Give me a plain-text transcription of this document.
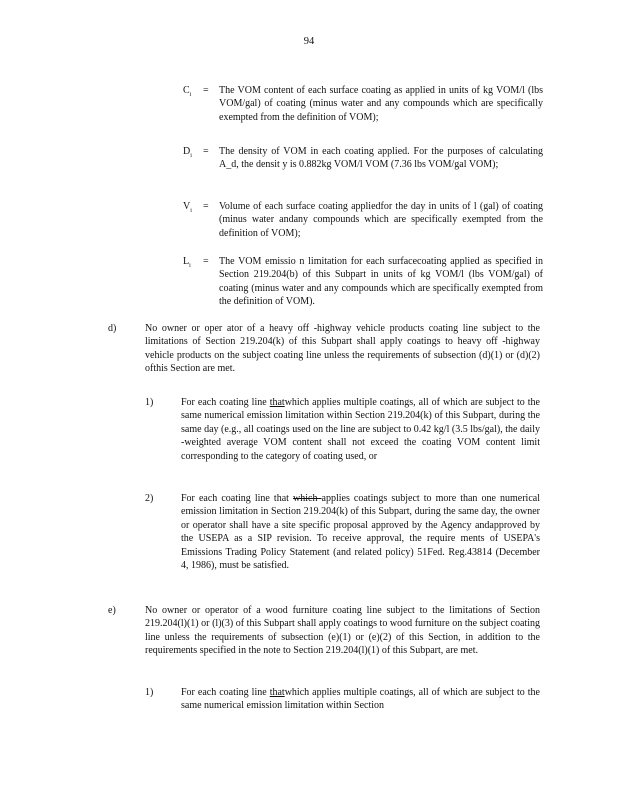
94
$C_i$	= The VOM content of each surface coating as applied in units of kg VOM/l (lbs VOM/gal) of coating (minus water and any compounds which are specifically exempted from the definition of VOM);
$D_i$	= The density of VOM in each coating applied. For the purposes of calculating A_d, the densit y is 0.882kg VOM/l VOM (7.36 lbs VOM/gal VOM);
$V_i$	= Volume of each surface coating appliedfor the day in units of l (gal) of coating (minus water andany compounds which are specifically exempted from the definition of VOM);
$L_i$	= The VOM emissio n limitation for each surfacecoating applied as specified in Section 219.204(b) of this Subpart in units of kg VOM/l (lbs VOM/gal) of coating (minus water and any compounds which are specifically exempted from the definition of VOM).
d)	No owner or oper ator of a heavy off -highway vehicle products coating line subject to the limitations of Section 219.204(k) of this Subpart shall apply coatings to heavy off -highway vehicle products on the subject coating line unless the requirements of subsection (d)(1) or (d)(2) ofthis Section are met.
1)	For each coating line thatwhich applies multiple coatings, all of which are subject to the same numerical emission limitation within Section 219.204(k) of this Subpart, during the same day (e.g., all coatings used on the line are subject to 0.42 kg/l (3.5 lbs/gal), the daily -weighted average VOM content shall not exceed the coating VOM content limit corresponding to the category of coating used, or
2)	For each coating line that which applies coatings subject to more than one numerical emission limitation in Section 219.204(k) of this Subpart, during the same day, the owner or operator shall have a site specific proposal approved by the Agency andapproved by the USEPA as a SIP revision. To receive approval, the require ments of USEPA's Emissions Trading Policy Statement (and related policy) 51Fed. Reg.43814 (December 4, 1986), must be satisfied.
e)	No owner or operator of a wood furniture coating line subject to the limitations of Section 219.204(l)(1) or (l)(3) of this Subpart shall apply coatings to wood furniture on the subject coating line unless the requirements of subsection (e)(1) or (e)(2) of this Section, in addition to the requirements specified in the note to Section 219.204(l)(1) of this Subpart, are met.
1)	For each coating line thatwhich applies multiple coatings, all of which are subject to the same numerical emission limitation within Section
